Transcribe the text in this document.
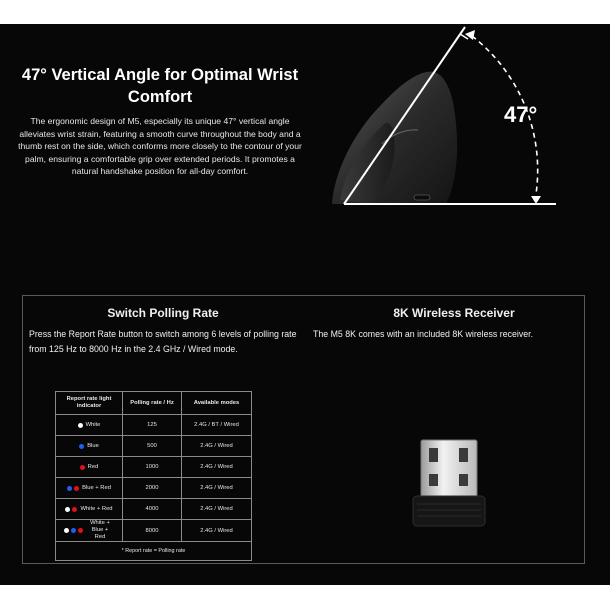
47° Vertical Angle for Optimal Wrist Comfort

The ergonomic design of M5, especially its unique 47° vertical angle alleviates wrist strain, featuring a smooth curve throughout the body and a thumb rest on the side, which conforms more closely to the contour of your palm, ensuring a comfortable grip over extended periods. It promotes a natural handshake position for all-day comfort.

47°
Switch Polling Rate

Press the Report Rate button to switch among 6 levels of polling rate from 125 Hz to 8000 Hz in the 2.4 GHz / Wired mode.

Report rate light indicator	Polling rate / Hz	Available modes

White	125	2.4G / BT / Wired

Blue	500	2.4G / Wired

Red	1000	2.4G / Wired

Blue + Red	2000	2.4G / Wired

White + Red	4000	2.4G / Wired

White + Blue + Red	8000	2.4G / Wired
* Report rate = Polling rate		
8K Wireless Receiver

The M5 8K comes with an included 8K wireless receiver.
